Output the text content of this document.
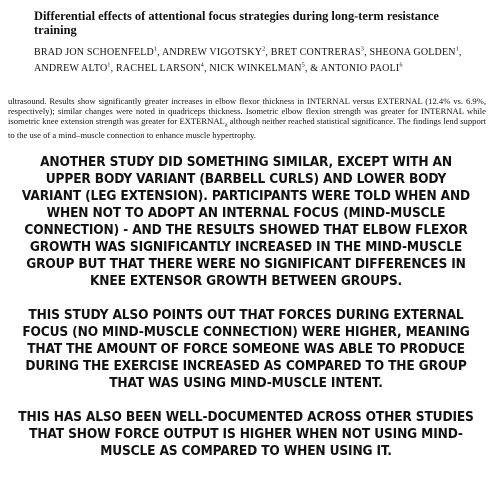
Differential effects of attentional focus strategies during long-term resistance training

BRAD JON SCHOENFELD$^1$, ANDREW VIGOTSKY$^2$, BRET CONTRERAS$^3$, SHEONA GOLDEN$^1$, ANDREW ALTO$^1$, RACHEL LARSON$^4$, NICK WINKELMAN$^5$, & ANTONIO PAOLI$^6$

ultrasound. Results show significantly greater increases in elbow flexor thickness in INTERNAL versus EXTERNAL (12.4% vs. 6.9%, respectively); similar changes were noted in quadriceps thickness. Isometric elbow flexion strength was greater for INTERNAL while isometric knee extension strength was greater for $EXTERNAL_a$ although neither reached statistical significance. The findings lend support to the use of a mind–muscle connection to enhance muscle hypertrophy.

ANOTHER STUDY DID SOMETHING SIMILAR, EXCEPT WITH AN UPPER BODY VARIANT (BARBELL CURLS) AND LOWER BODY VARIANT (LEG EXTENSION). PARTICIPANTS WERE TOLD WHEN AND WHEN NOT TO ADOPT AN INTERNAL FOCUS (MIND-MUSCLE CONNECTION) - AND THE RESULTS SHOWED THAT ELBOW FLEXOR GROWTH WAS SIGNIFICANTLY INCREASED IN THE MIND-MUSCLE GROUP BUT THAT THERE WERE NO SIGNIFICANT DIFFERENCES IN KNEE EXTENSOR GROWTH BETWEEN GROUPS.

THIS STUDY ALSO POINTS OUT THAT FORCES DURING EXTERNAL FOCUS (NO MIND-MUSCLE CONNECTION) WERE HIGHER, MEANING THAT THE AMOUNT OF FORCE SOMEONE WAS ABLE TO PRODUCE DURING THE EXERCISE INCREASED AS COMPARED TO THE GROUP THAT WAS USING MIND-MUSCLE INTENT.

THIS HAS ALSO BEEN WELL-DOCUMENTED ACROSS OTHER STUDIES THAT SHOW FORCE OUTPUT IS HIGHER WHEN NOT USING MIND-MUSCLE AS COMPARED TO WHEN USING IT.
